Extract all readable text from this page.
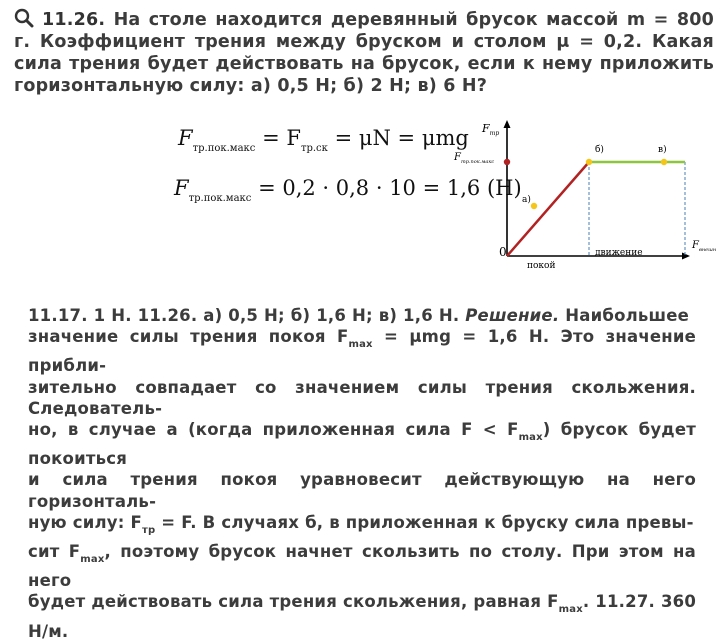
11.26. На столе находится деревянный брусок массой m = 800 г. Коэффициент трения между бруском и столом μ = 0,2. Какая сила трения будет действовать на брусок, если к нему приложить горизонтальную силу: а) 0,5 Н; б) 2 Н; в) 6 Н?

$F_{тр.пок.макс} = F_{тр.ск} = \mu N = \mu mg$
$F_{тр.пок.макс} = 0,2 \cdot 0,8 \cdot 10 = 1,6$ (Н)
$F_{тр}$
$F_{тр.пок.макс}$
а)
б)	в)
0
покой
движение
$F_{внешн}$

11.17. 1 Н. 11.26. а) 0,5 Н; б) 1,6 Н; в) 1,6 Н. Решение. Наибольшее

значение силы трения покоя $F_{max} = \mu mg = 1,6$ Н. Это значение прибли-

зительно совпадает со значением силы трения скольжения. Следователь-

но, в случае а (когда приложенная сила $F < F_{max}$) брусок будет покоиться

и сила трения покоя уравновесит действующую на него горизонталь-

ную силу: $F_{тр} = F$. В случаях б, в приложенная к бруску сила превы-

сит $F_{max}$, поэтому брусок начнет скользить по столу. При этом на него

будет действовать сила трения скольжения, равная $F_{max}$. 11.27. 360 Н/м.
